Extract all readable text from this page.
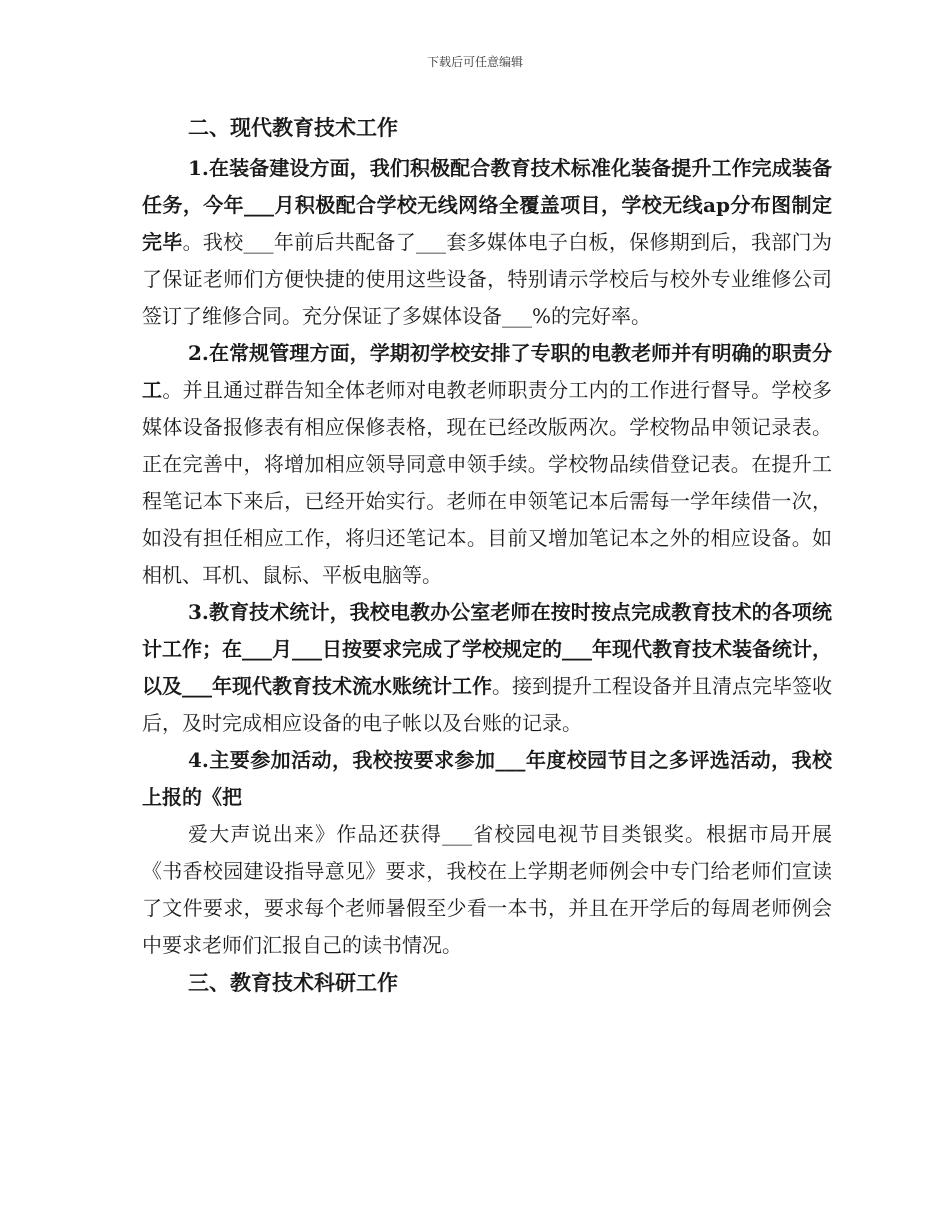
下载后可任意编辑
二、现代教育技术工作
1.在装备建设方面，我们积极配合教育技术标准化装备提升工作完成装备任务，今年___月积极配合学校无线网络全覆盖项目，学校无线ap分布图制定完毕。我校___年前后共配备了___套多媒体电子白板，保修期到后，我部门为了保证老师们方便快捷的使用这些设备，特别请示学校后与校外专业维修公司签订了维修合同。充分保证了多媒体设备___%的完好率。
2.在常规管理方面，学期初学校安排了专职的电教老师并有明确的职责分工。并且通过群告知全体老师对电教老师职责分工内的工作进行督导。学校多媒体设备报修表有相应保修表格，现在已经改版两次。学校物品申领记录表。正在完善中，将增加相应领导同意申领手续。学校物品续借登记表。在提升工程笔记本下来后，已经开始实行。老师在申领笔记本后需每一学年续借一次，如没有担任相应工作，将归还笔记本。目前又增加笔记本之外的相应设备。如相机、耳机、鼠标、平板电脑等。
3.教育技术统计，我校电教办公室老师在按时按点完成教育技术的各项统计工作；在___月___日按要求完成了学校规定的___年现代教育技术装备统计，以及___年现代教育技术流水账统计工作。接到提升工程设备并且清点完毕签收后，及时完成相应设备的电子帐以及台账的记录。
4.主要参加活动，我校按要求参加___年度校园节目之多评选活动，我校上报的《把
爱大声说出来》作品还获得___省校园电视节目类银奖。根据市局开展《书香校园建设指导意见》要求，我校在上学期老师例会中专门给老师们宣读了文件要求，要求每个老师暑假至少看一本书，并且在开学后的每周老师例会中要求老师们汇报自己的读书情况。
三、教育技术科研工作
